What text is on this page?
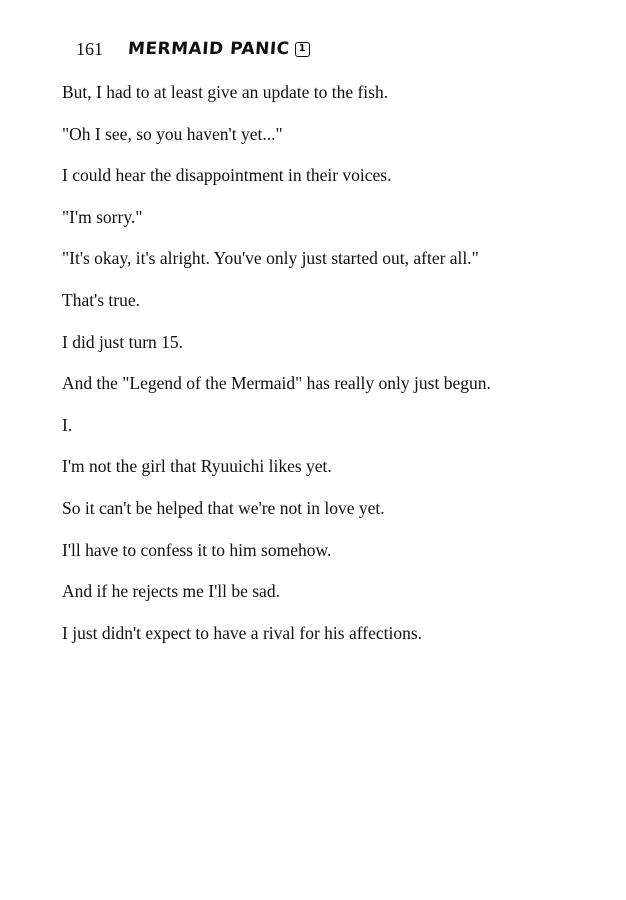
161	MERMAID PANIC 1
But, I had to at least give an update to the fish.
"Oh I see, so you haven't yet..."
I could hear the disappointment in their voices.
"I'm sorry."
"It's okay, it's alright. You've only just started out, after all."
That's true.
I did just turn 15.
And the "Legend of the Mermaid" has really only just begun.
I.
I'm not the girl that Ryuuichi likes yet.
So it can't be helped that we're not in love yet.
I'll have to confess it to him somehow.
And if he rejects me I'll be sad.
I just didn't expect to have a rival for his affections.
